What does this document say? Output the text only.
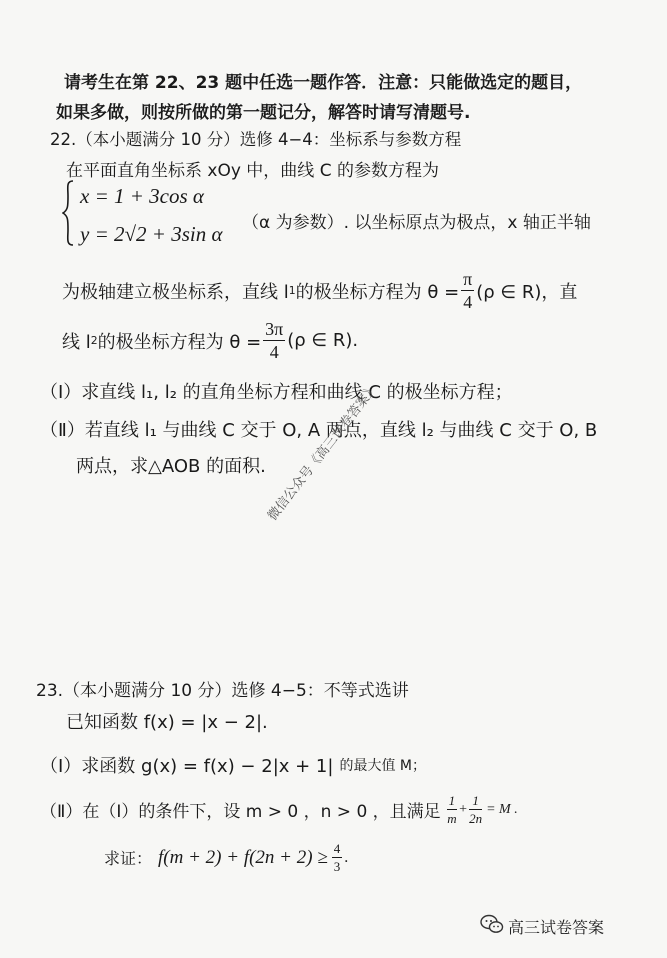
请考生在第 22、23 题中任选一题作答．注意：只能做选定的题目，
如果多做，则按所做的第一题记分，解答时请写清题号.
22.（本小题满分 10 分）选修 4−4：坐标系与参数方程
在平面直角坐标系 xOy 中，曲线 C 的参数方程为
x = 1 + 3cos α
y = 2√2 + 3sin α （α 为参数）. 以坐标原点为极点，x 轴正半轴
为极轴建立极坐标系，直线 l 1 的极坐标方程为 $\theta = \frac{\pi}{4} (\rho$ ∈ R)，直
线 l 2 的极坐标方程为 $\theta = \frac{3\pi}{4} (\rho$ ∈ R).
（Ⅰ）求直线 l₁, l₂ 的直角坐标方程和曲线 C 的极坐标方程；
（Ⅱ）若直线 l₁ 与曲线 C 交于 O, A 两点，直线 l₂ 与曲线 C 交于 O, B
两点，求△AOB 的面积. 微信公众号《高三试卷答案》
23.（本小题满分 10 分）选修 4−5：不等式选讲
已知函数 f(x) = |x − 2|.
（Ⅰ）求函数 g(x) = f(x) − 2|x + 1| 的最大值 M；
（Ⅱ）在（Ⅰ）的条件下，设 m > 0 ，n > 0 ，且满足 $\frac{1}{m} + \frac{1}{2n} = M$ .
求证： $f(m + 2) + f(2n + 2) \ge \frac{4}{3}$ .
高三试卷答案
